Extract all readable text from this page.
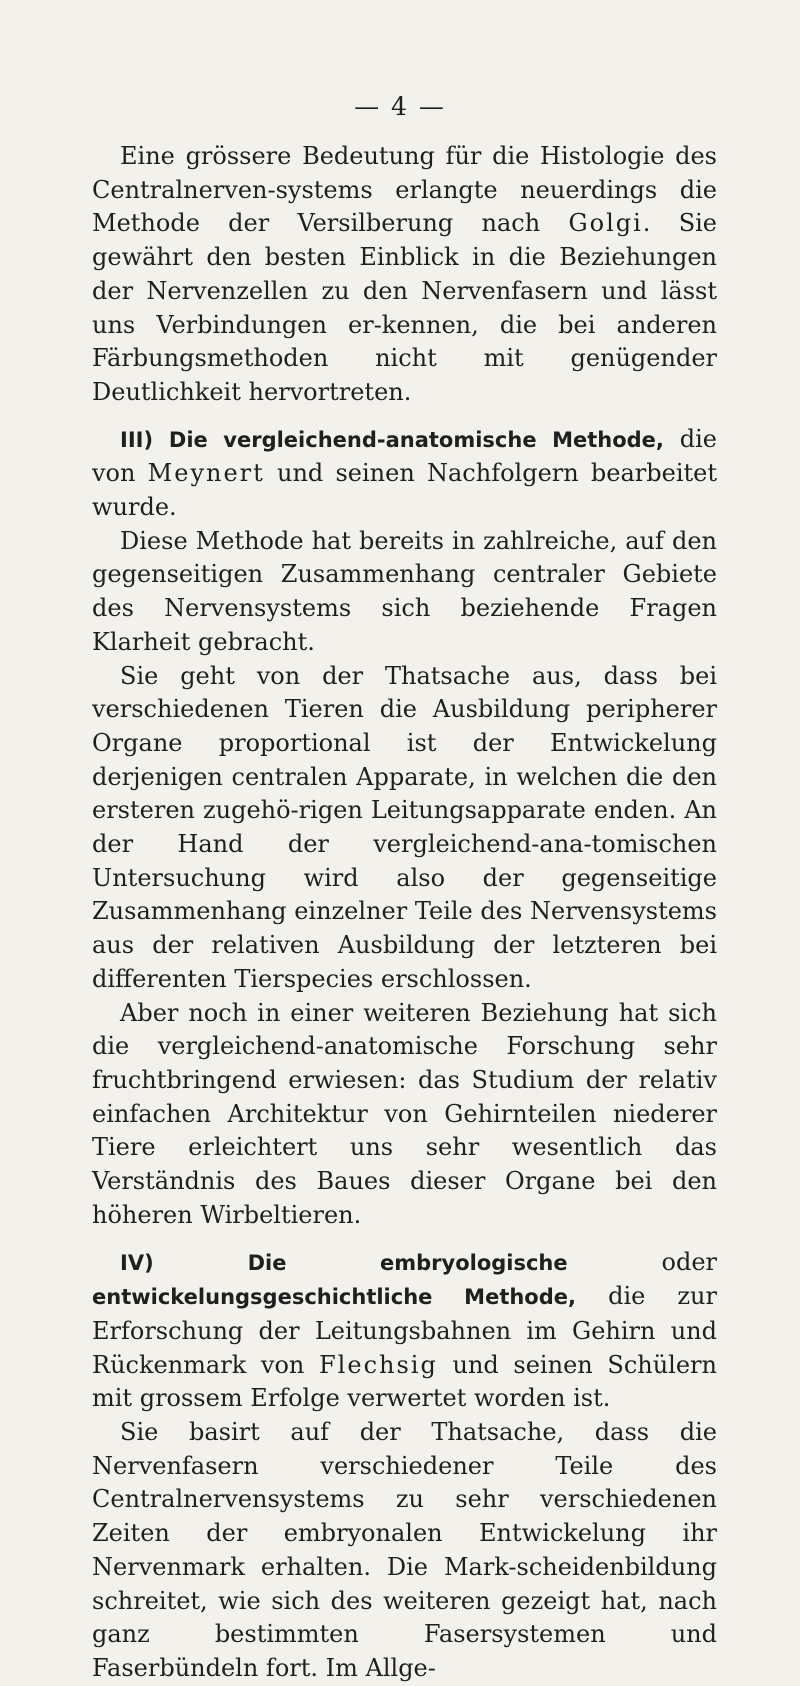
— 4 —

Eine grössere Bedeutung für die Histologie des Centralnerven-systems erlangte neuerdings die Methode der Versilberung nach Golgi. Sie gewährt den besten Einblick in die Beziehungen der Nervenzellen zu den Nervenfasern und lässt uns Verbindungen er-kennen, die bei anderen Färbungsmethoden nicht mit genügender Deutlichkeit hervortreten.

III) Die vergleichend-anatomische Methode, die von Meynert und seinen Nachfolgern bearbeitet wurde.

Diese Methode hat bereits in zahlreiche, auf den gegenseitigen Zusammenhang centraler Gebiete des Nervensystems sich beziehende Fragen Klarheit gebracht.

Sie geht von der Thatsache aus, dass bei verschiedenen Tieren die Ausbildung peripherer Organe proportional ist der Entwickelung derjenigen centralen Apparate, in welchen die den ersteren zugehö-rigen Leitungsapparate enden. An der Hand der vergleichend-ana-tomischen Untersuchung wird also der gegenseitige Zusammenhang einzelner Teile des Nervensystems aus der relativen Ausbildung der letzteren bei differenten Tierspecies erschlossen.

Aber noch in einer weiteren Beziehung hat sich die vergleichend-anatomische Forschung sehr fruchtbringend erwiesen: das Studium der relativ einfachen Architektur von Gehirnteilen niederer Tiere erleichtert uns sehr wesentlich das Verständnis des Baues dieser Organe bei den höheren Wirbeltieren.

IV)	Die embryologische oder entwickelungsgeschichtliche Methode, die zur Erforschung der Leitungsbahnen im Gehirn und Rückenmark von Flechsig und seinen Schülern mit grossem Erfolge verwertet worden ist.

Sie basirt auf der Thatsache, dass die Nervenfasern verschiedener Teile des Centralnervensystems zu sehr verschiedenen Zeiten der embryonalen Entwickelung ihr Nervenmark erhalten. Die Mark-scheidenbildung schreitet, wie sich des weiteren gezeigt hat, nach ganz bestimmten Fasersystemen und Faserbündeln fort. Im Allge-
